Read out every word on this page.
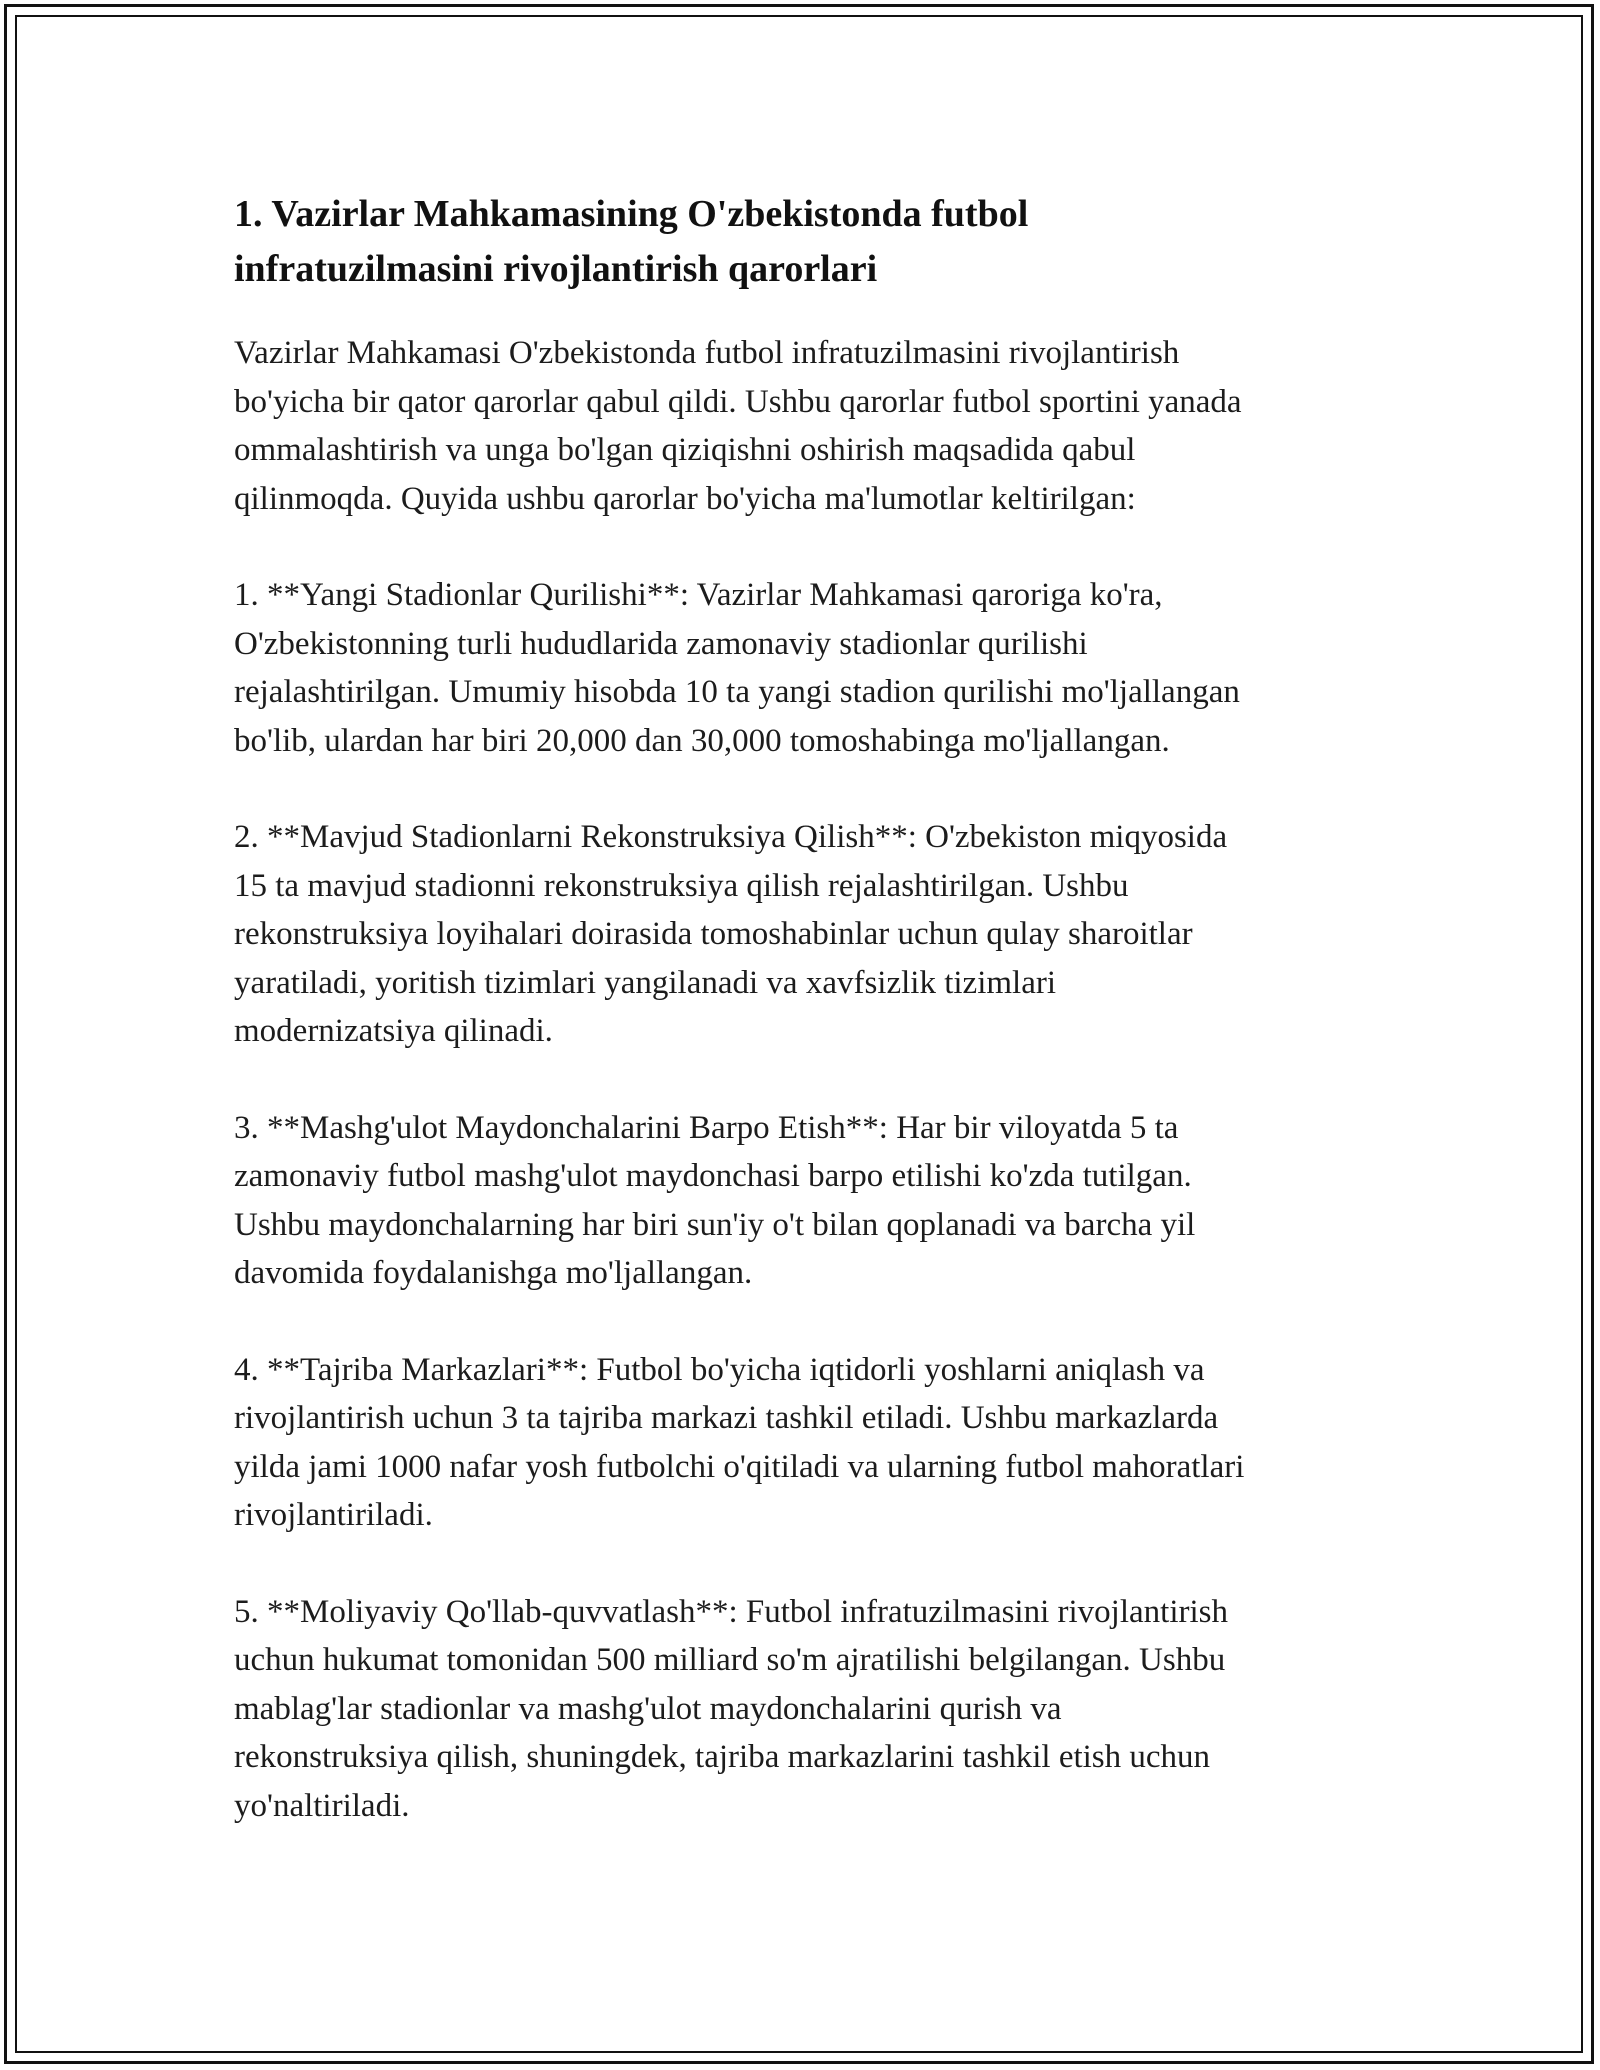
1. Vazirlar Mahkamasining O'zbekistonda futbol
infratuzilmasini rivojlantirish qarorlari

Vazirlar Mahkamasi O'zbekistonda futbol infratuzilmasini rivojlantirish
bo'yicha bir qator qarorlar qabul qildi. Ushbu qarorlar futbol sportini yanada
ommalashtirish va unga bo'lgan qiziqishni oshirish maqsadida qabul
qilinmoqda. Quyida ushbu qarorlar bo'yicha ma'lumotlar keltirilgan:

1. **Yangi Stadionlar Qurilishi**: Vazirlar Mahkamasi qaroriga ko'ra,
O'zbekistonning turli hududlarida zamonaviy stadionlar qurilishi
rejalashtirilgan. Umumiy hisobda 10 ta yangi stadion qurilishi mo'ljallangan
bo'lib, ulardan har biri 20,000 dan 30,000 tomoshabinga mo'ljallangan.

2. **Mavjud Stadionlarni Rekonstruksiya Qilish**: O'zbekiston miqyosida
15 ta mavjud stadionni rekonstruksiya qilish rejalashtirilgan. Ushbu
rekonstruksiya loyihalari doirasida tomoshabinlar uchun qulay sharoitlar
yaratiladi, yoritish tizimlari yangilanadi va xavfsizlik tizimlari
modernizatsiya qilinadi.

3. **Mashg'ulot Maydonchalarini Barpo Etish**: Har bir viloyatda 5 ta
zamonaviy futbol mashg'ulot maydonchasi barpo etilishi ko'zda tutilgan.
Ushbu maydonchalarning har biri sun'iy o't bilan qoplanadi va barcha yil
davomida foydalanishga mo'ljallangan.

4. **Tajriba Markazlari**: Futbol bo'yicha iqtidorli yoshlarni aniqlash va
rivojlantirish uchun 3 ta tajriba markazi tashkil etiladi. Ushbu markazlarda
yilda jami 1000 nafar yosh futbolchi o'qitiladi va ularning futbol mahoratlari
rivojlantiriladi.

5. **Moliyaviy Qo'llab-quvvatlash**: Futbol infratuzilmasini rivojlantirish
uchun hukumat tomonidan 500 milliard so'm ajratilishi belgilangan. Ushbu
mablag'lar stadionlar va mashg'ulot maydonchalarini qurish va
rekonstruksiya qilish, shuningdek, tajriba markazlarini tashkil etish uchun
yo'naltiriladi.
